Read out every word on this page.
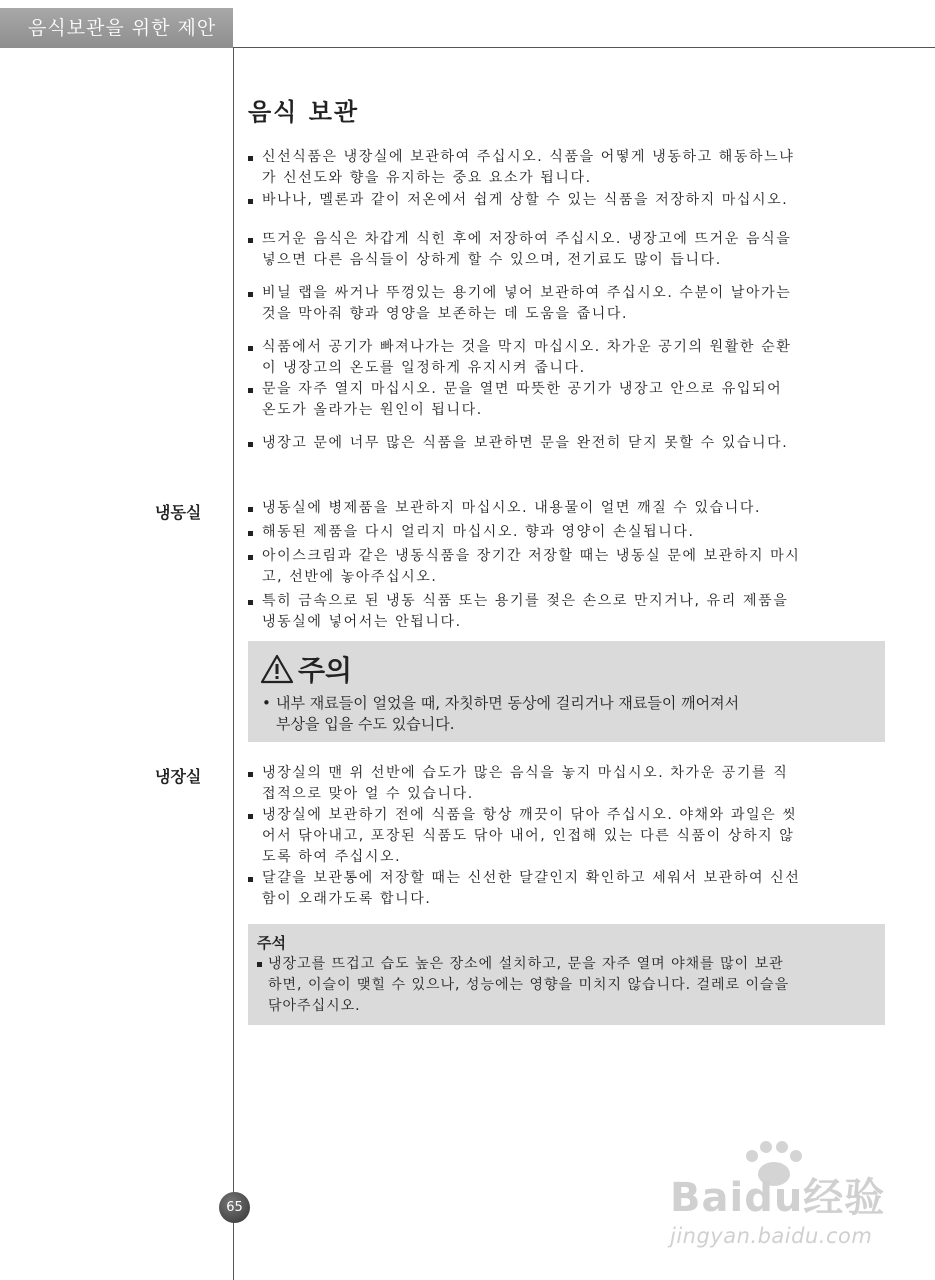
음식보관을 위한 제안
음식 보관
신선식품은 냉장실에 보관하여 주십시오. 식품을 어떻게 냉동하고 해동하느냐
가 신선도와 향을 유지하는 중요 요소가 됩니다.
바나나, 멜론과 같이 저온에서 쉽게 상할 수 있는 식품을 저장하지 마십시오.
뜨거운 음식은 차갑게 식힌 후에 저장하여 주십시오. 냉장고에 뜨거운 음식을
넣으면 다른 음식들이 상하게 할 수 있으며, 전기료도 많이 듭니다.
비닐 랩을 싸거나 뚜껑있는 용기에 넣어 보관하여 주십시오. 수분이 날아가는
것을 막아줘 향과 영양을 보존하는 데 도움을 줍니다.
식품에서 공기가 빠져나가는 것을 막지 마십시오. 차가운 공기의 원활한 순환
이 냉장고의 온도를 일정하게 유지시켜 줍니다.
문을 자주 열지 마십시오. 문을 열면 따뜻한 공기가 냉장고 안으로 유입되어
온도가 올라가는 원인이 됩니다.
냉장고 문에 너무 많은 식품을 보관하면 문을 완전히 닫지 못할 수 있습니다.
냉동실	냉동실에 병제품을 보관하지 마십시오. 내용물이 얼면 깨질 수 있습니다.
해동된 제품을 다시 얼리지 마십시오. 향과 영양이 손실됩니다.
아이스크림과 같은 냉동식품을 장기간 저장할 때는 냉동실 문에 보관하지 마시
고, 선반에 놓아주십시오.
특히 금속으로 된 냉동 식품 또는 용기를 젖은 손으로 만지거나, 유리 제품을
냉동실에 넣어서는 안됩니다.
주의
• 내부 재료들이 얼었을 때, 자칫하면 동상에 걸리거나 재료들이 깨어져서
부상을 입을 수도 있습니다.
냉장실	냉장실의 맨 위 선반에 습도가 많은 음식을 놓지 마십시오. 차가운 공기를 직
접적으로 맞아 얼 수 있습니다.
냉장실에 보관하기 전에 식품을 항상 깨끗이 닦아 주십시오. 야채와 과일은 씻
어서 닦아내고, 포장된 식품도 닦아 내어, 인접해 있는 다른 식품이 상하지 않
도록 하여 주십시오.
달걀을 보관통에 저장할 때는 신선한 달걀인지 확인하고 세워서 보관하여 신선
함이 오래가도록 합니다.
주석
냉장고를 뜨겁고 습도 높은 장소에 설치하고, 문을 자주 열며 야채를 많이 보관
하면, 이슬이 맺힐 수 있으나, 성능에는 영향을 미치지 않습니다. 걸레로 이슬을
닦아주십시오.
65	Baidu经验
jingyan.baidu.com
